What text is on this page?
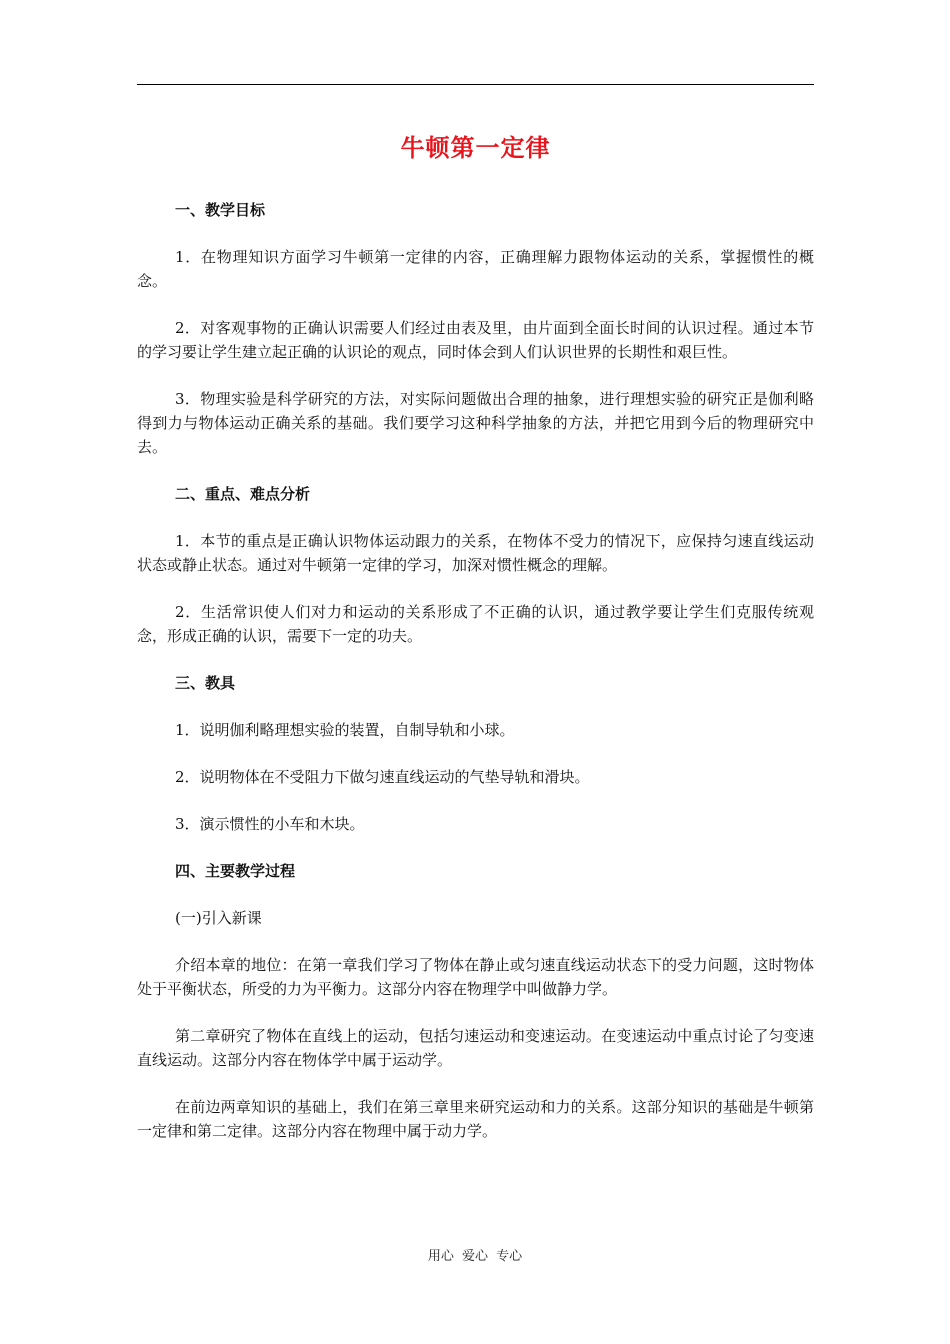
牛顿第一定律

一、教学目标

1．在物理知识方面学习牛顿第一定律的内容，正确理解力跟物体运动的关系，掌握惯性的概念。

2．对客观事物的正确认识需要人们经过由表及里，由片面到全面长时间的认识过程。通过本节的学习要让学生建立起正确的认识论的观点，同时体会到人们认识世界的长期性和艰巨性。

3．物理实验是科学研究的方法，对实际问题做出合理的抽象，进行理想实验的研究正是伽利略得到力与物体运动正确关系的基础。我们要学习这种科学抽象的方法，并把它用到今后的物理研究中去。

二、重点、难点分析

1．本节的重点是正确认识物体运动跟力的关系，在物体不受力的情况下，应保持匀速直线运动状态或静止状态。通过对牛顿第一定律的学习，加深对惯性概念的理解。

2．生活常识使人们对力和运动的关系形成了不正确的认识，通过教学要让学生们克服传统观念，形成正确的认识，需要下一定的功夫。

三、教具

1．说明伽利略理想实验的装置，自制导轨和小球。

2．说明物体在不受阻力下做匀速直线运动的气垫导轨和滑块。

3．演示惯性的小车和木块。

四、主要教学过程

(一)引入新课

介绍本章的地位：在第一章我们学习了物体在静止或匀速直线运动状态下的受力问题，这时物体处于平衡状态，所受的力为平衡力。这部分内容在物理学中叫做静力学。

第二章研究了物体在直线上的运动，包括匀速运动和变速运动。在变速运动中重点讨论了匀变速直线运动。这部分内容在物体学中属于运动学。

在前边两章知识的基础上，我们在第三章里来研究运动和力的关系。这部分知识的基础是牛顿第一定律和第二定律。这部分内容在物理中属于动力学。

用心 爱心 专心
